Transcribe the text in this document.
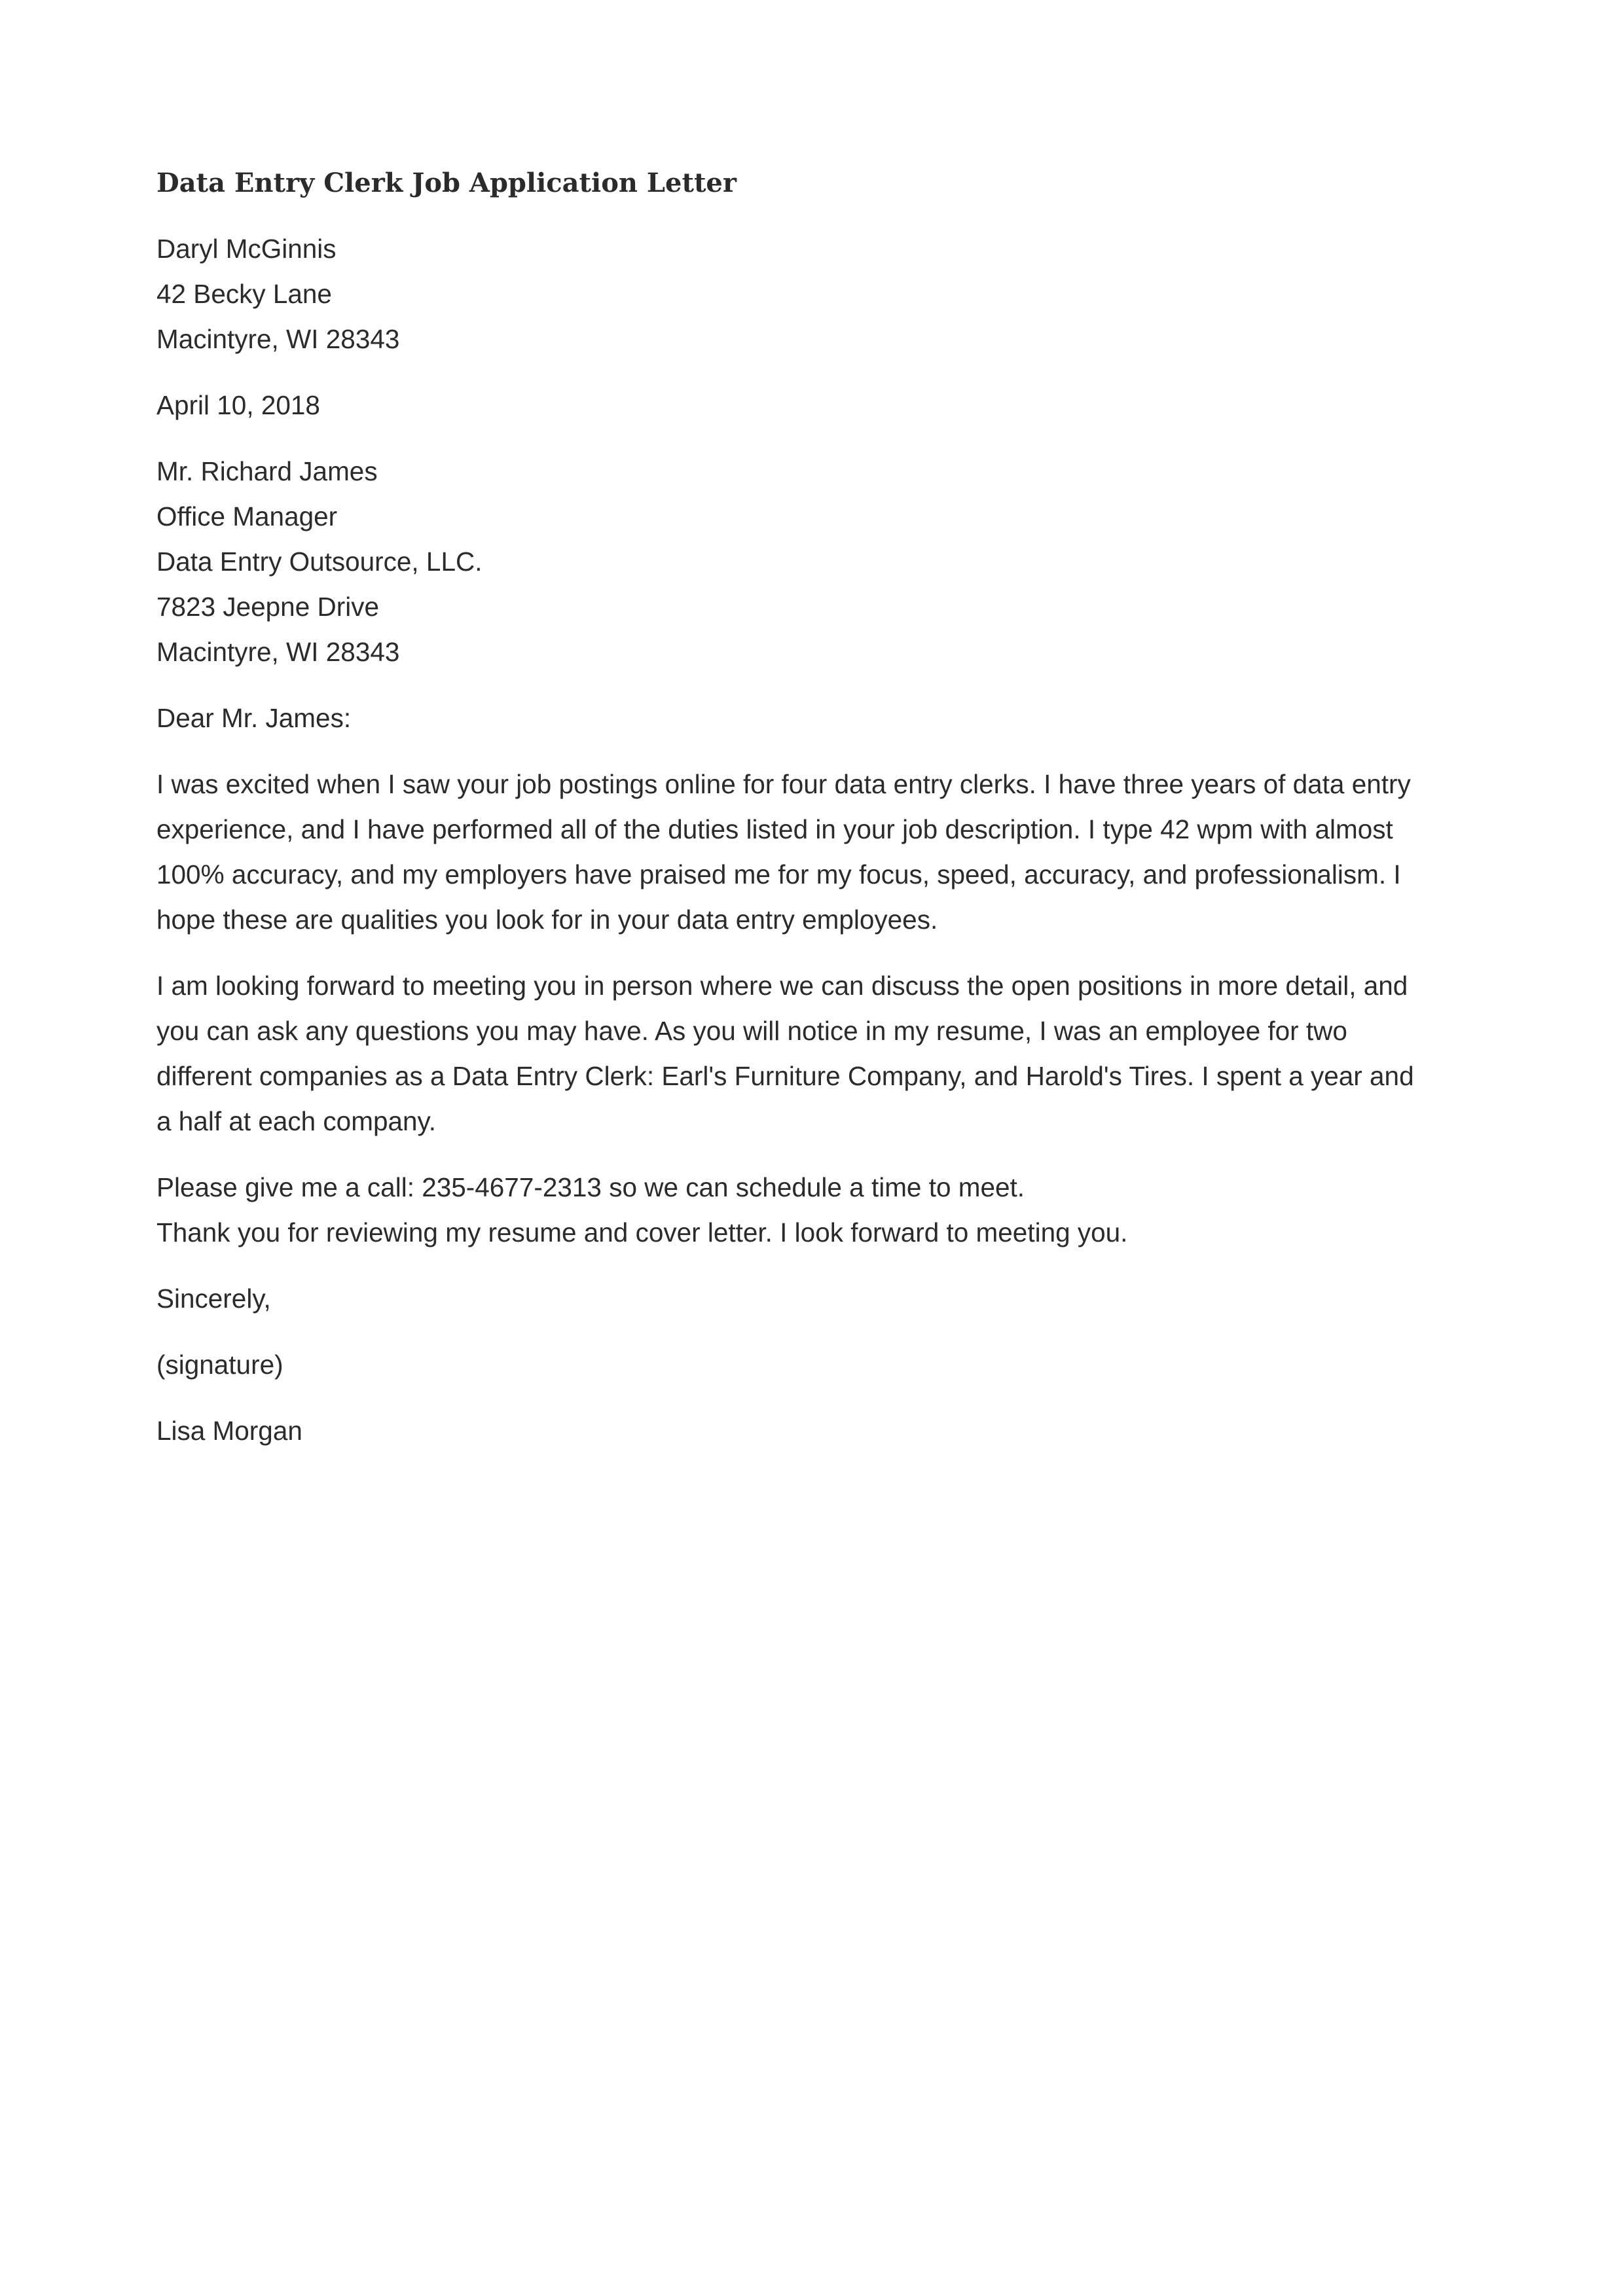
Data Entry Clerk Job Application Letter
Daryl McGinnis
42 Becky Lane
Macintyre, WI 28343
April 10, 2018
Mr. Richard James
Office Manager
Data Entry Outsource, LLC.
7823 Jeepne Drive
Macintyre, WI 28343
Dear Mr. James:
I was excited when I saw your job postings online for four data entry clerks. I have three years of data entry
experience, and I have performed all of the duties listed in your job description. I type 42 wpm with almost
100% accuracy, and my employers have praised me for my focus, speed, accuracy, and professionalism. I
hope these are qualities you look for in your data entry employees.
I am looking forward to meeting you in person where we can discuss the open positions in more detail, and
you can ask any questions you may have. As you will notice in my resume, I was an employee for two
different companies as a Data Entry Clerk: Earl's Furniture Company, and Harold's Tires. I spent a year and
a half at each company.
Please give me a call: 235-4677-2313 so we can schedule a time to meet.
Thank you for reviewing my resume and cover letter. I look forward to meeting you.
Sincerely,
(signature)
Lisa Morgan
